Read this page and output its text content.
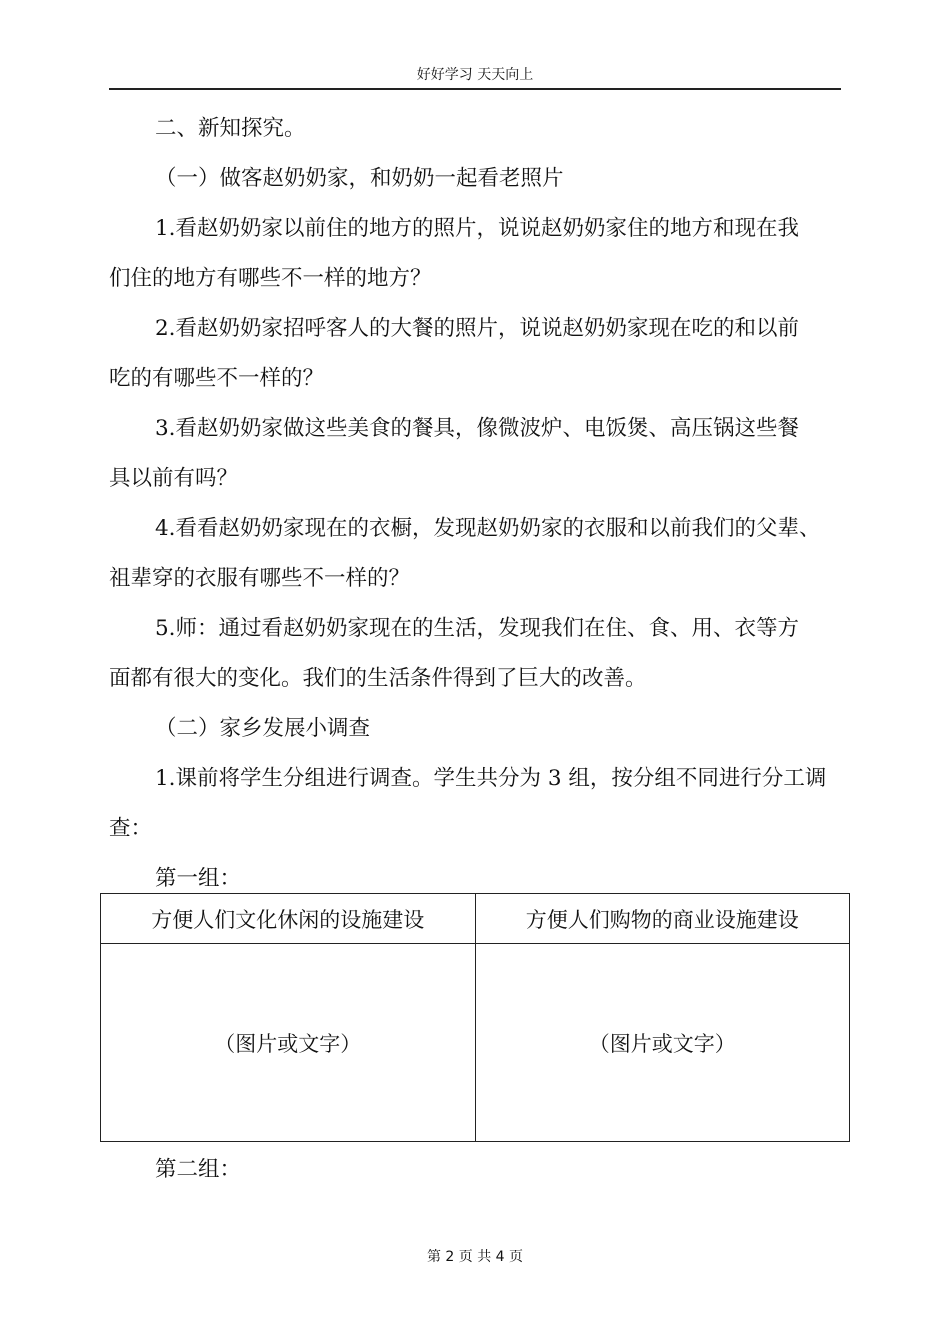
好好学习 天天向上

二、新知探究。

（一）做客赵奶奶家，和奶奶一起看老照片

1.看赵奶奶家以前住的地方的照片，说说赵奶奶家住的地方和现在我

们住的地方有哪些不一样的地方？

2.看赵奶奶家招呼客人的大餐的照片，说说赵奶奶家现在吃的和以前

吃的有哪些不一样的？

3.看赵奶奶家做这些美食的餐具，像微波炉、电饭煲、高压锅这些餐

具以前有吗？

4.看看赵奶奶家现在的衣橱，发现赵奶奶家的衣服和以前我们的父辈、

祖辈穿的衣服有哪些不一样的？

5.师：通过看赵奶奶家现在的生活，发现我们在住、食、用、衣等方

面都有很大的变化。我们的生活条件得到了巨大的改善。

（二）家乡发展小调查

1.课前将学生分组进行调查。学生共分为 3 组，按分组不同进行分工调

查：

第一组：

方便人们文化休闲的设施建设	方便人们购物的商业设施建设
（图片或文字）	（图片或文字）
第二组：
第 2 页 共 4 页
